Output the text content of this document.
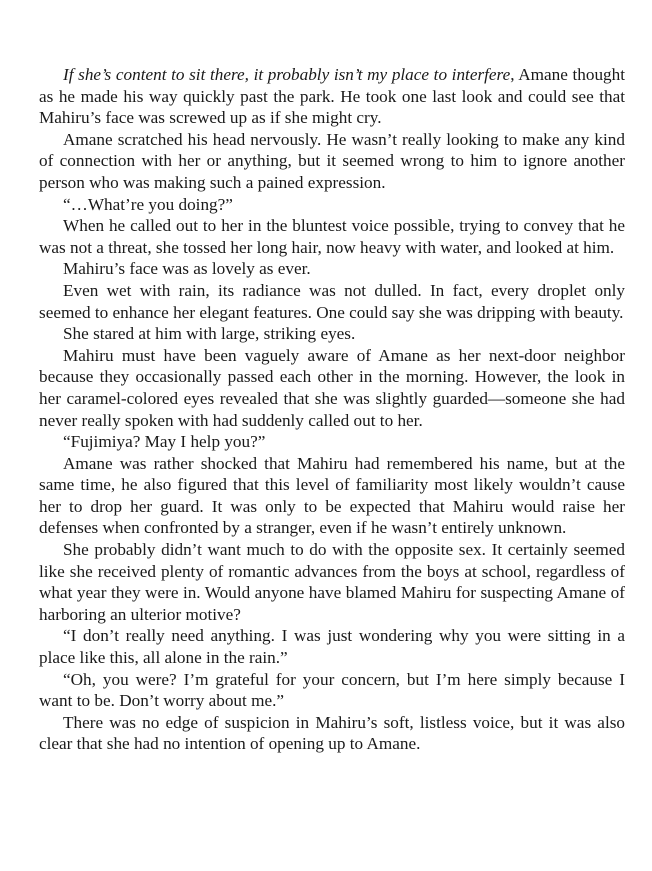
If she’s content to sit there, it probably isn’t my place to interfere, Amane thought as he made his way quickly past the park. He took one last look and could see that Mahiru’s face was screwed up as if she might cry.

Amane scratched his head nervously. He wasn’t really looking to make any kind of connection with her or anything, but it seemed wrong to him to ignore another person who was making such a pained expression.

“…What’re you doing?”

When he called out to her in the bluntest voice possible, trying to convey that he was not a threat, she tossed her long hair, now heavy with water, and looked at him.

Mahiru’s face was as lovely as ever.

Even wet with rain, its radiance was not dulled. In fact, every droplet only seemed to enhance her elegant features. One could say she was dripping with beauty.

She stared at him with large, striking eyes.

Mahiru must have been vaguely aware of Amane as her next-door neighbor because they occasionally passed each other in the morning. However, the look in her caramel-colored eyes revealed that she was slightly guarded—someone she had never really spoken with had suddenly called out to her.

“Fujimiya? May I help you?”

Amane was rather shocked that Mahiru had remembered his name, but at the same time, he also figured that this level of familiarity most likely wouldn’t cause her to drop her guard. It was only to be expected that Mahiru would raise her defenses when confronted by a stranger, even if he wasn’t entirely unknown.

She probably didn’t want much to do with the opposite sex. It certainly seemed like she received plenty of romantic advances from the boys at school, regardless of what year they were in. Would anyone have blamed Mahiru for suspecting Amane of harboring an ulterior motive?

“I don’t really need anything. I was just wondering why you were sitting in a place like this, all alone in the rain.”

“Oh, you were? I’m grateful for your concern, but I’m here simply because I want to be. Don’t worry about me.”

There was no edge of suspicion in Mahiru’s soft, listless voice, but it was also clear that she had no intention of opening up to Amane.
